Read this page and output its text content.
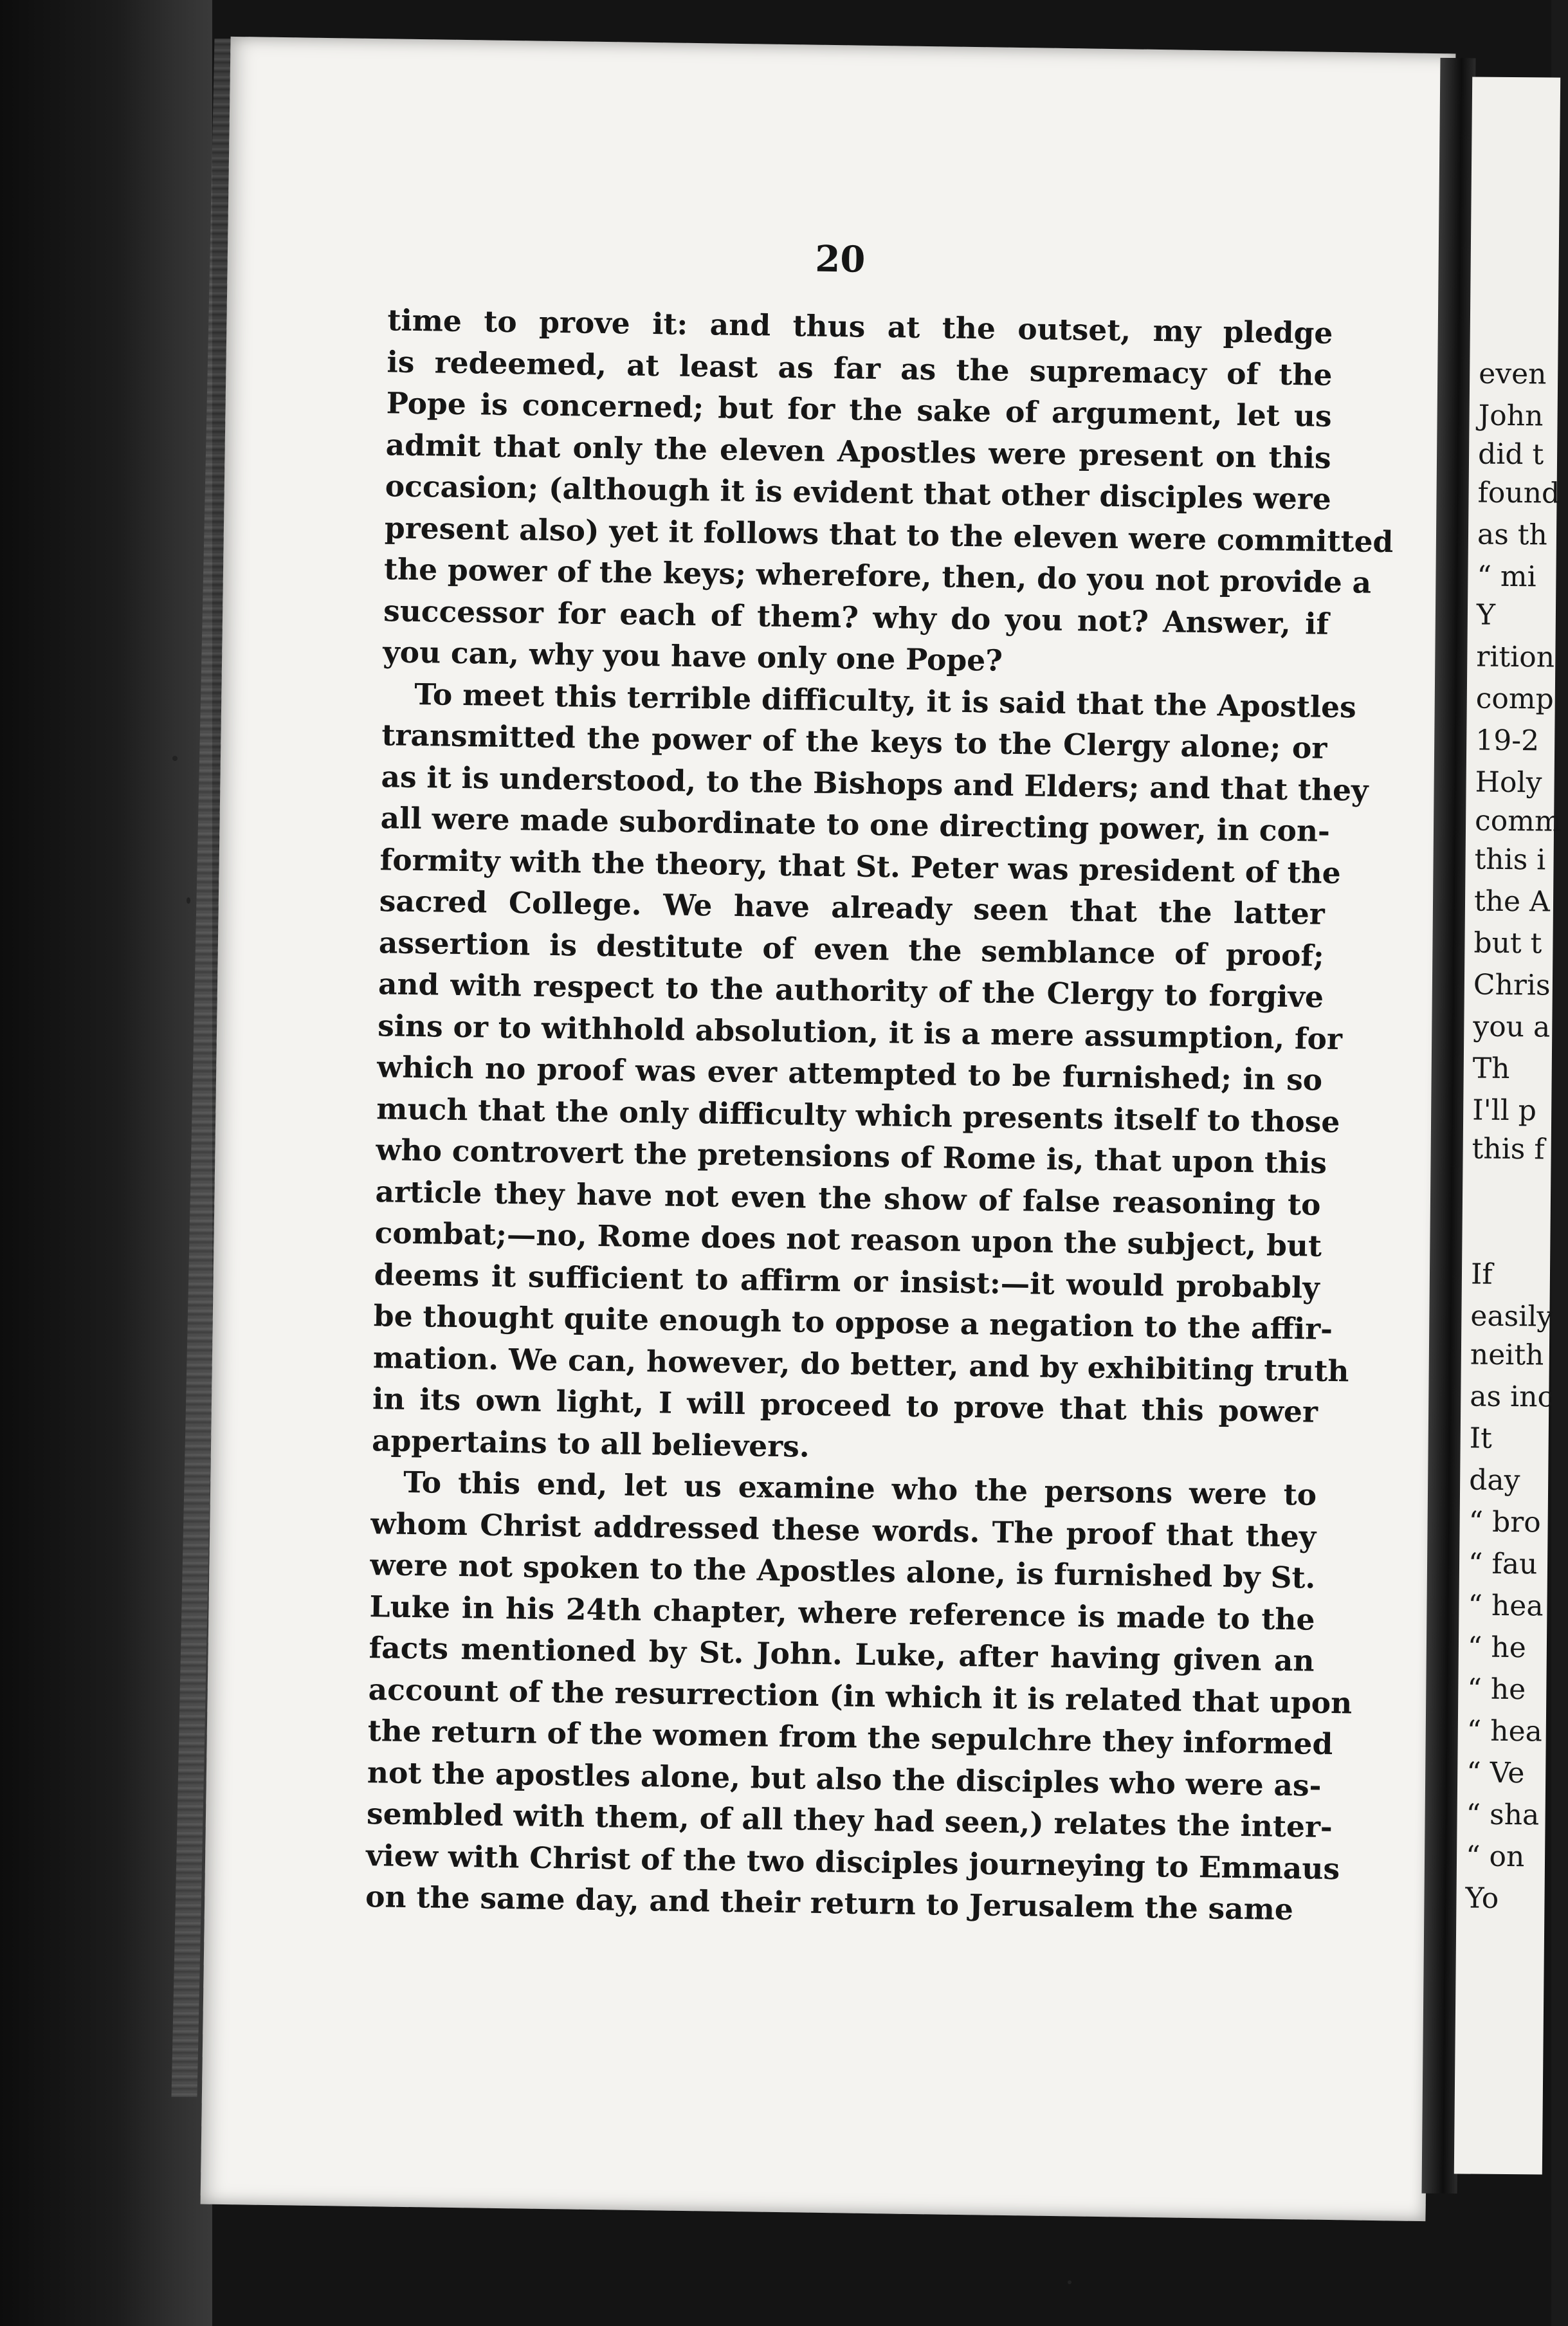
20
time to prove it: and thus at the outset, my pledge
is redeemed, at least as far as the supremacy of the
Pope is concerned; but for the sake of argument, let us
admit that only the eleven Apostles were present on this
occasion; (although it is evident that other disciples were
present also) yet it follows that to the eleven were committed
the power of the keys; wherefore, then, do you not provide a
successor for each of them? why do you not? Answer, if
you can, why you have only one Pope?
To meet this terrible difficulty, it is said that the Apostles
transmitted the power of the keys to the Clergy alone; or
as it is understood, to the Bishops and Elders; and that they
all were made subordinate to one directing power, in con-
formity with the theory, that St. Peter was president of the
sacred College. We have already seen that the latter
assertion is destitute of even the semblance of proof;
and with respect to the authority of the Clergy to forgive
sins or to withhold absolution, it is a mere assumption, for
which no proof was ever attempted to be furnished; in so
much that the only difficulty which presents itself to those
who controvert the pretensions of Rome is, that upon this
article they have not even the show of false reasoning to
combat;—no, Rome does not reason upon the subject, but
deems it sufficient to affirm or insist:—it would probably
be thought quite enough to oppose a negation to the affir-
mation. We can, however, do better, and by exhibiting truth
in its own light, I will proceed to prove that this power
appertains to all believers.
To this end, let us examine who the persons were to
whom Christ addressed these words. The proof that they
were not spoken to the Apostles alone, is furnished by St.
Luke in his 24th chapter, where reference is made to the
facts mentioned by St. John. Luke, after having given an
account of the resurrection (in which it is related that upon
the return of the women from the sepulchre they informed
not the apostles alone, but also the disciples who were as-
sembled with them, of all they had seen,) relates the inter-
view with Christ of the two disciples journeying to Emmaus
on the same day, and their return to Jerusalem the same
even
John
did t
found
as th
“ mi
Y
rition
comp
19-2
Holy
comm
this i
the A
but t
Chris
you a
Th
I'll p
this f
If
easily
neith
as inc
It
day
“ bro
“ fau
“ hea
“ he
“ he
“ hea
“ Ve
“ sha
“ on
Yo
